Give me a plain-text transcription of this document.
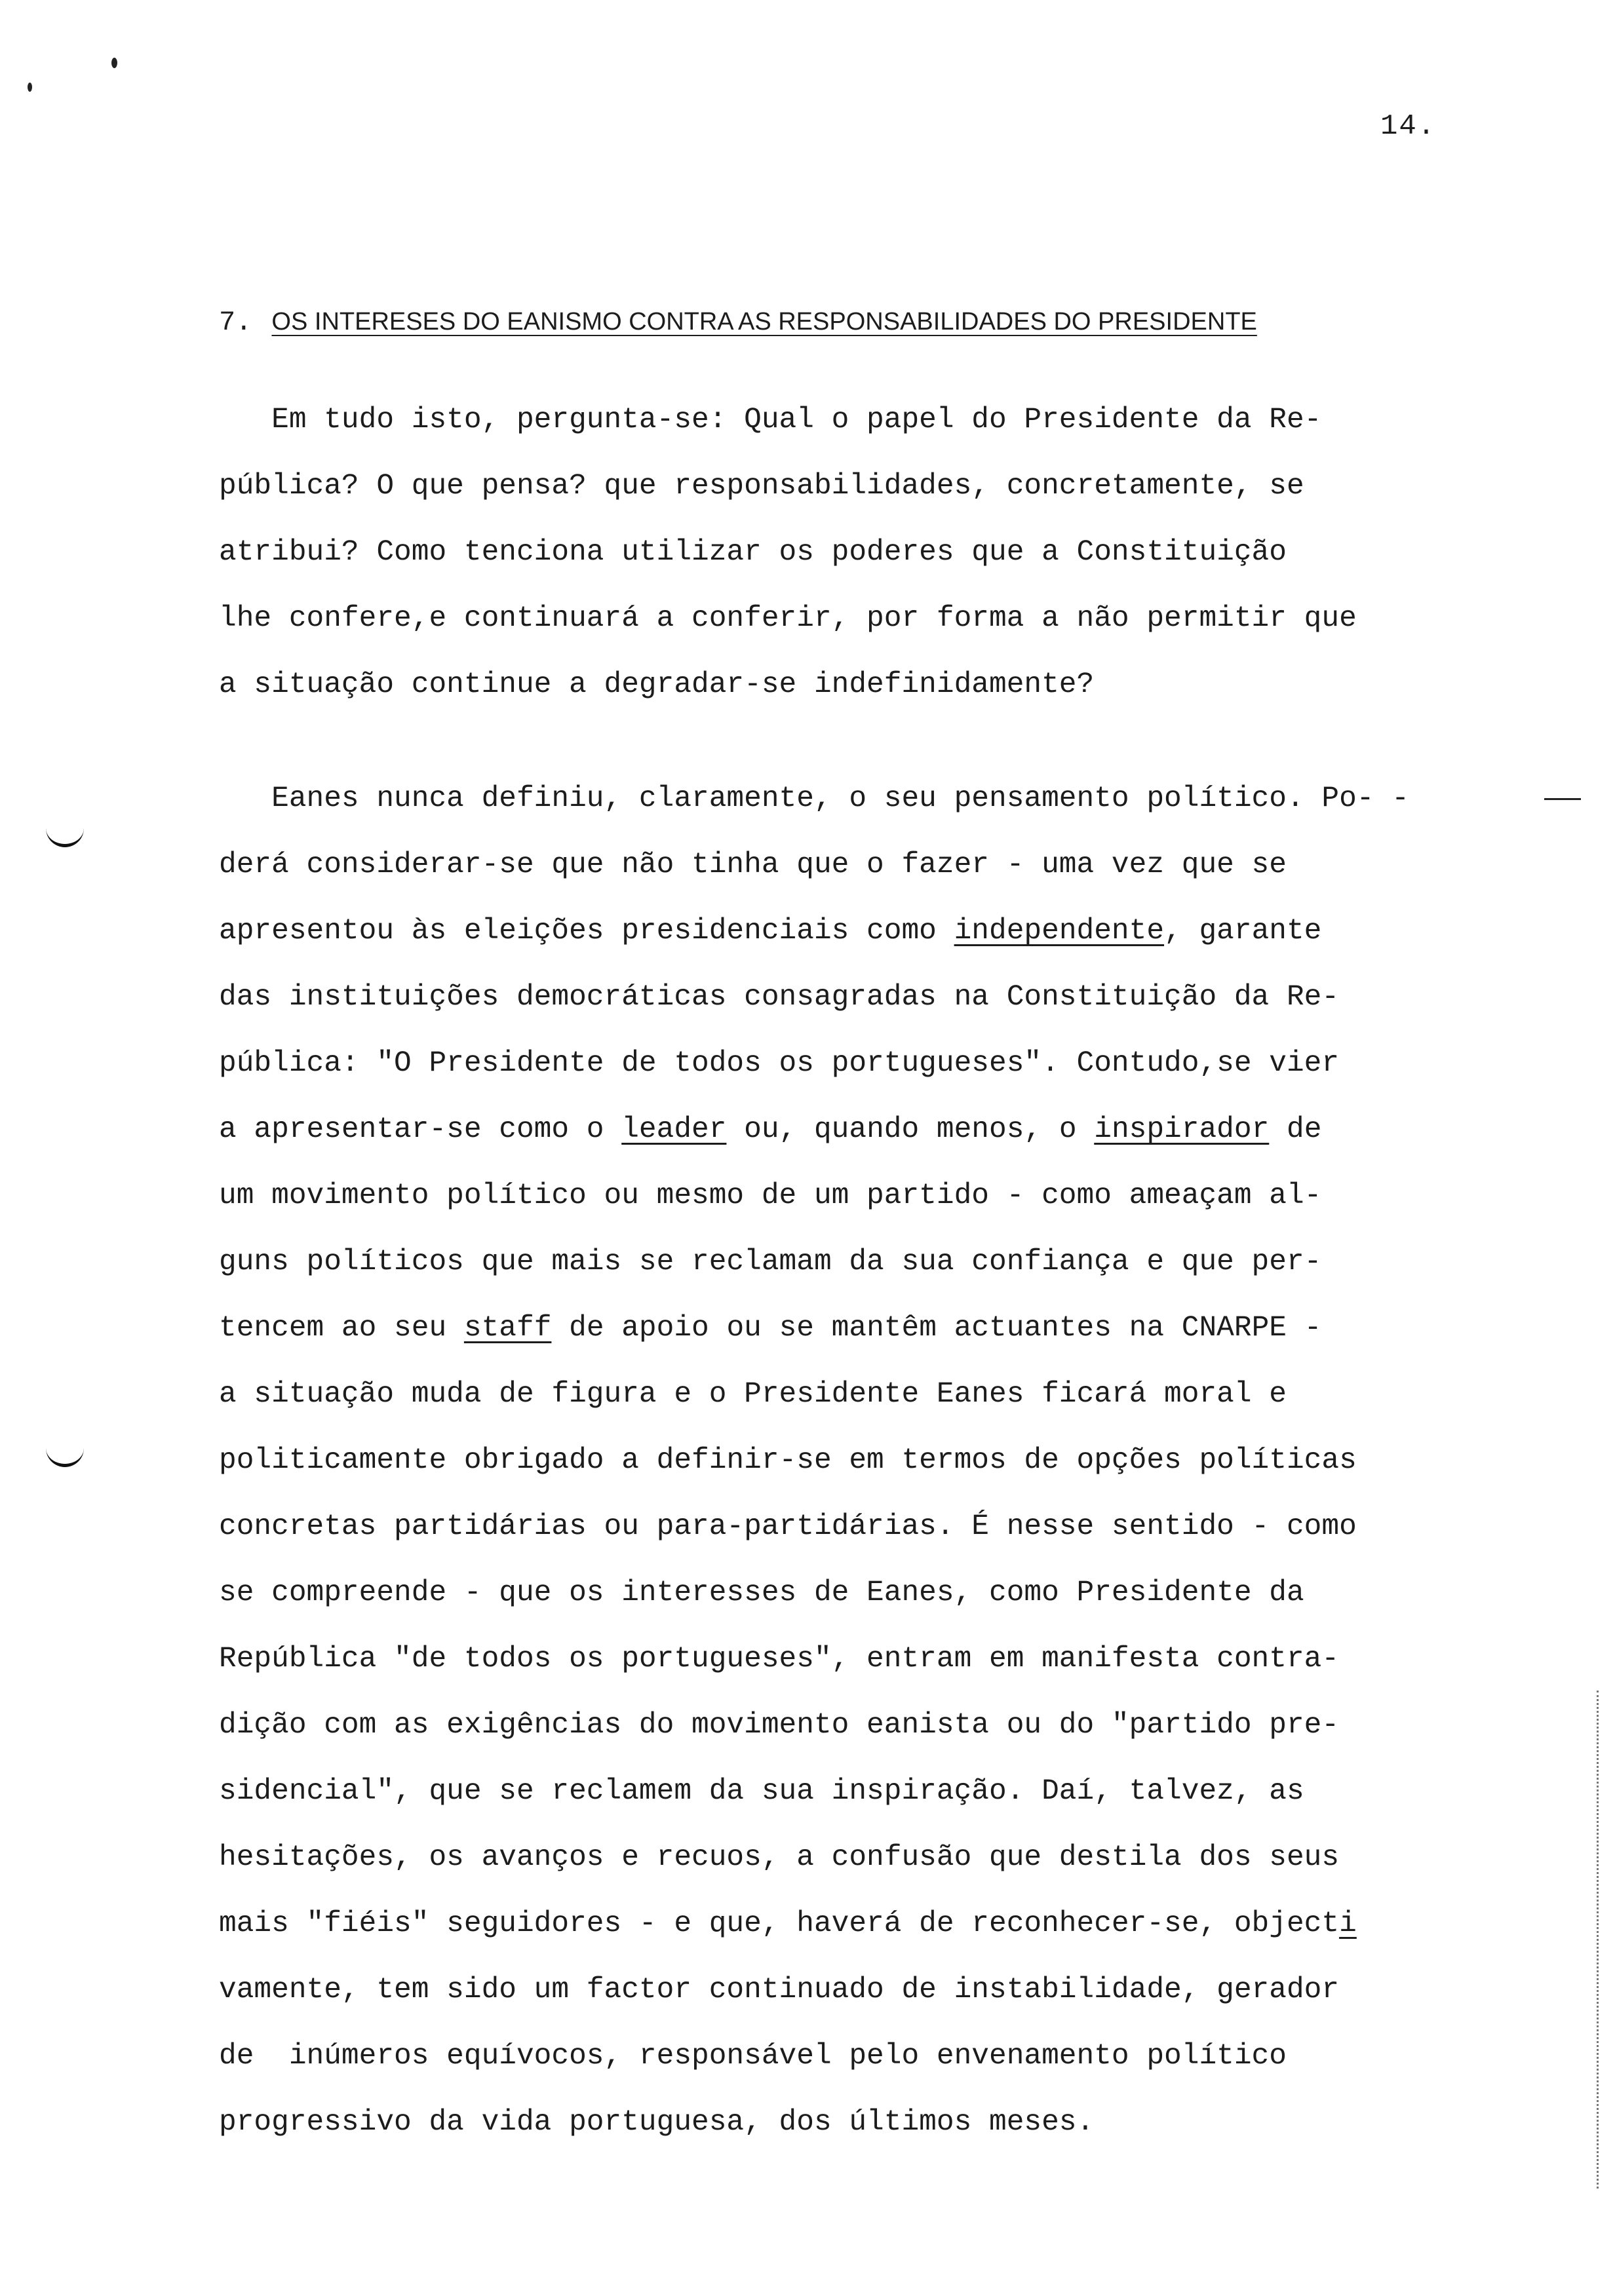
14.
7. OS INTERESES DO EANISMO CONTRA AS RESPONSABILIDADES DO PRESIDENTE
Em tudo isto, pergunta-se: Qual o papel do Presidente da Re-
pública? O que pensa? que responsabilidades, concretamente, se
atribui? Como tenciona utilizar os poderes que a Constituição
lhe confere,e continuará a conferir, por forma a não permitir que
a situação continue a degradar-se indefinidamente?
Eanes nunca definiu, claramente, o seu pensamento político. Po- -
derá considerar-se que não tinha que o fazer - uma vez que se
apresentou às eleições presidenciais como independente, garante
das instituições democráticas consagradas na Constituição da Re-
pública: "O Presidente de todos os portugueses". Contudo,se vier
a apresentar-se como o leader ou, quando menos, o inspirador de
um movimento político ou mesmo de um partido - como ameaçam al-
guns políticos que mais se reclamam da sua confiança e que per-
tencem ao seu staff de apoio ou se mantêm actuantes na CNARPE -
a situação muda de figura e o Presidente Eanes ficará moral e
politicamente obrigado a definir-se em termos de opções políticas
concretas partidárias ou para-partidárias. É nesse sentido - como
se compreende - que os interesses de Eanes, como Presidente da
República "de todos os portugueses", entram em manifesta contra-
dição com as exigências do movimento eanista ou do "partido pre-
sidencial", que se reclamem da sua inspiração. Daí, talvez, as
hesitações, os avanços e recuos, a confusão que destila dos seus
mais "fiéis" seguidores - e que, haverá de reconhecer-se, objecti
vamente, tem sido um factor continuado de instabilidade, gerador
de  inúmeros equívocos, responsável pelo envenamento político
progressivo da vida portuguesa, dos últimos meses.
